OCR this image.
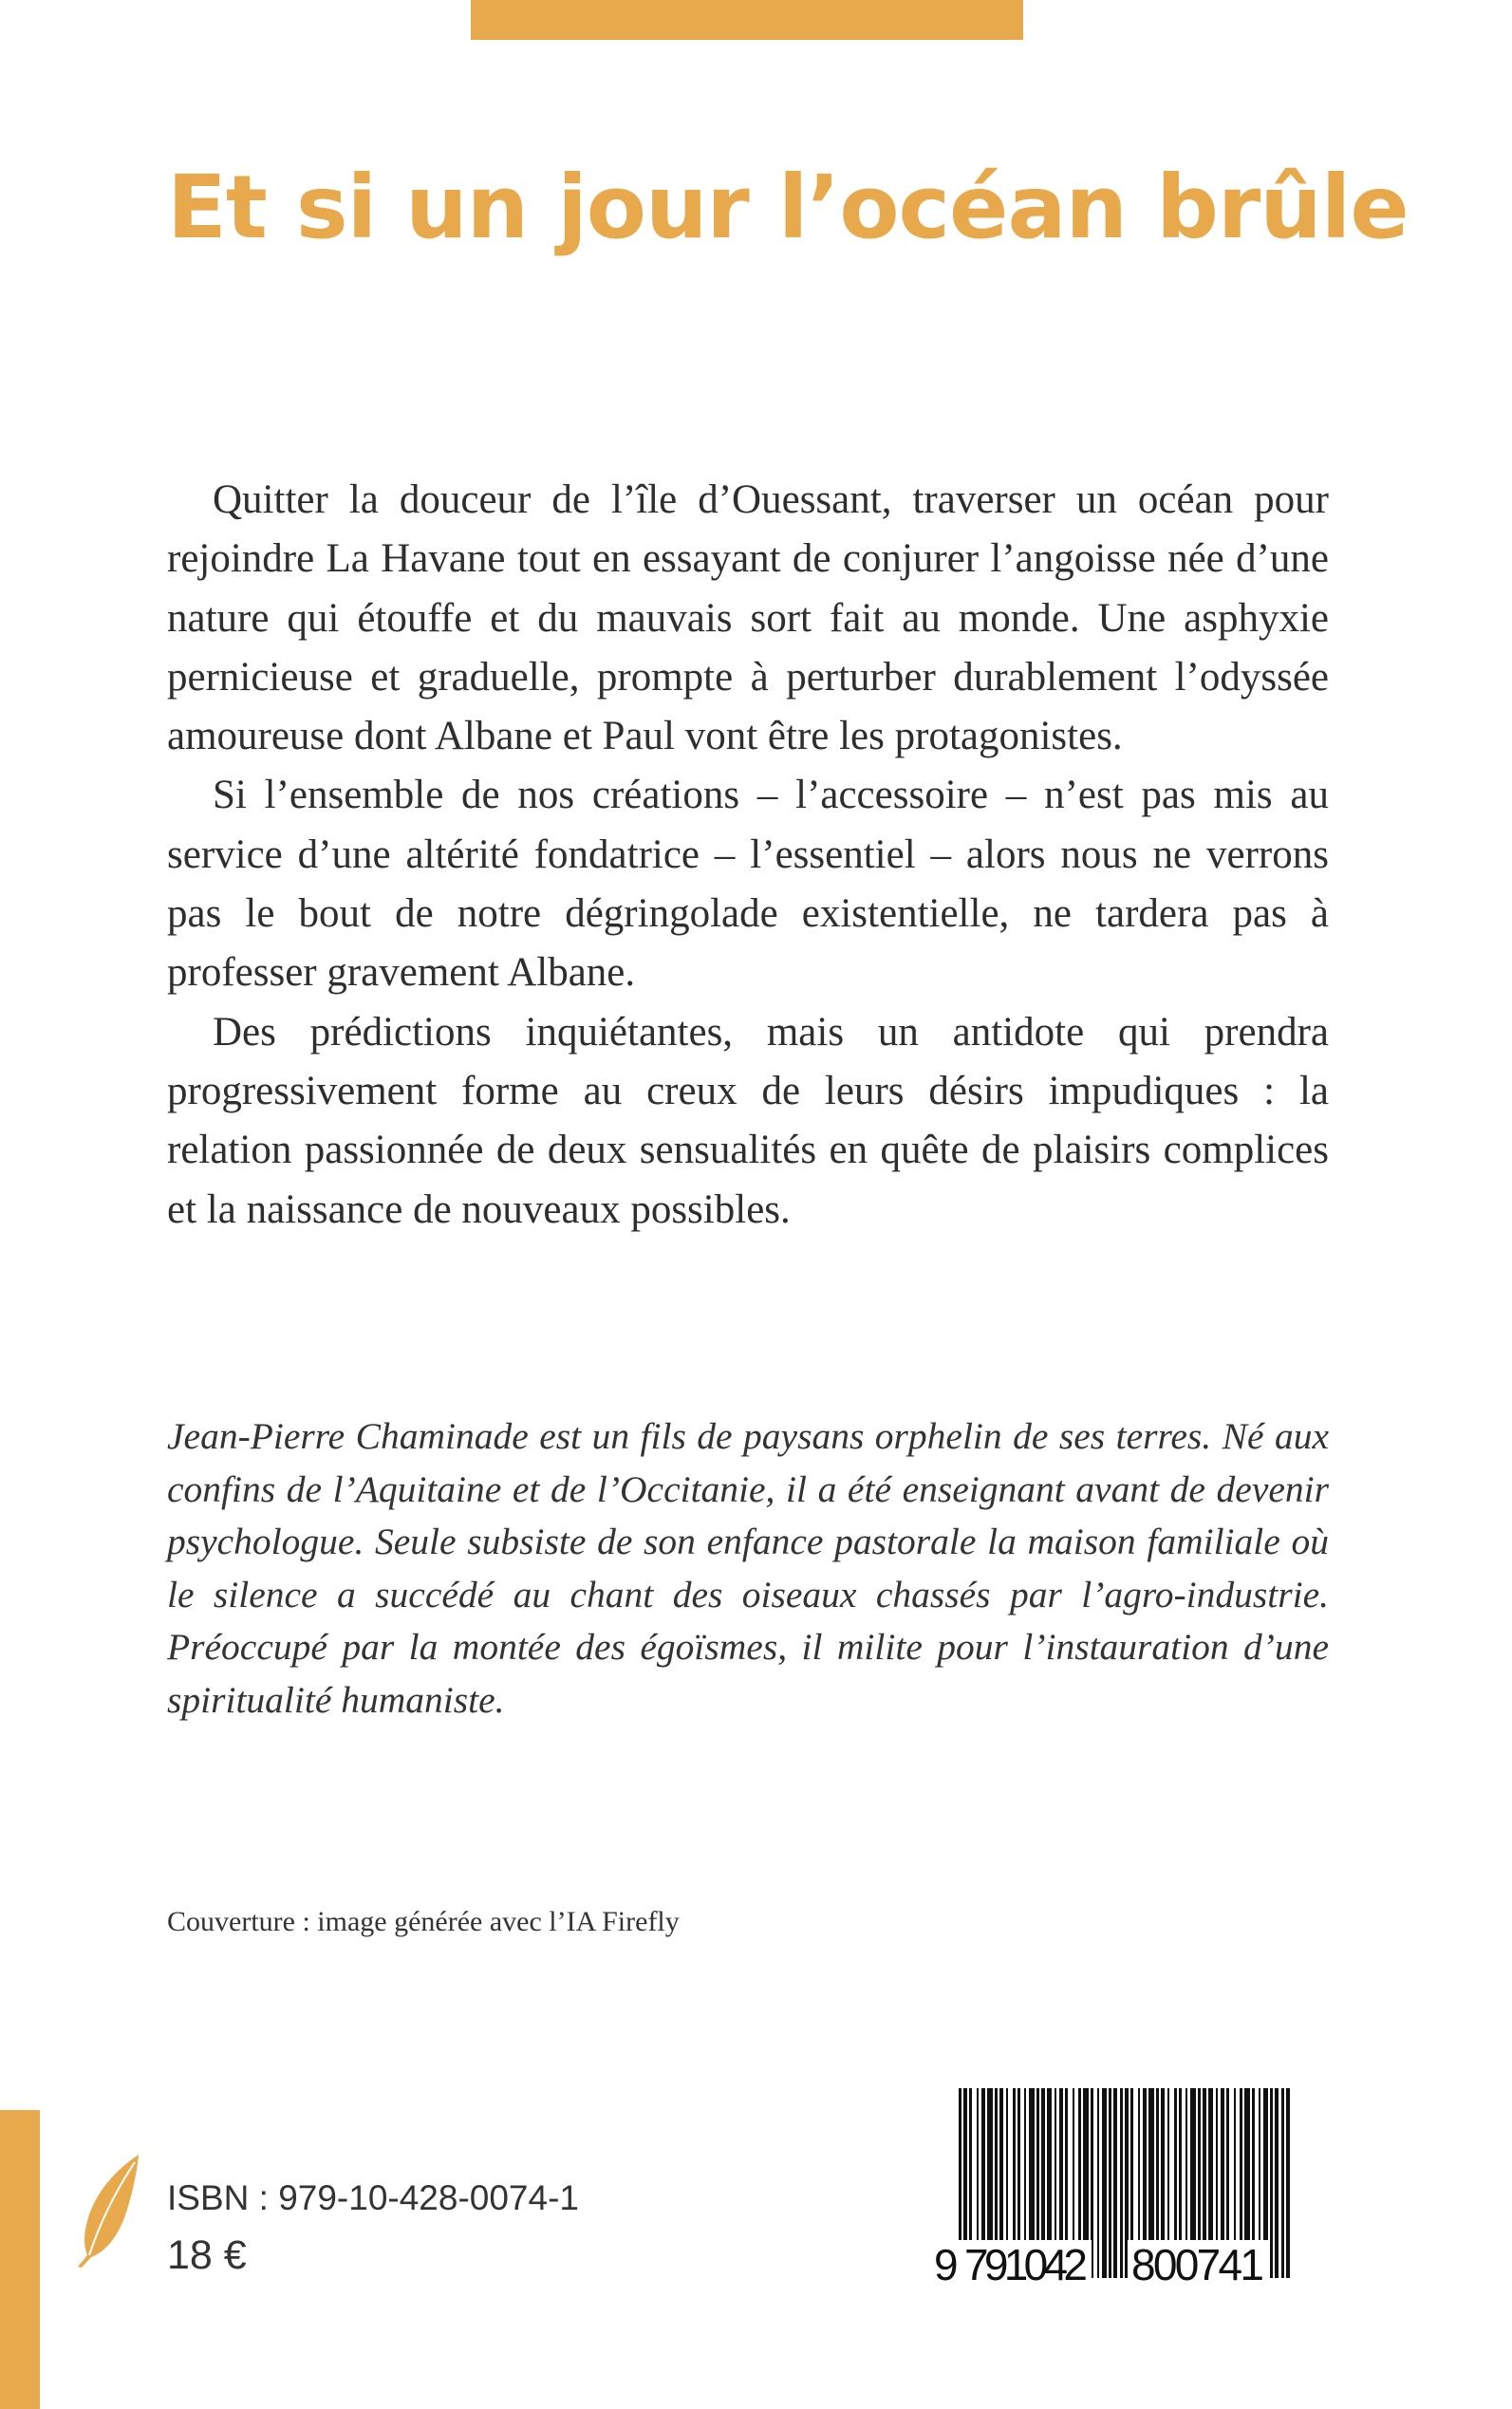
Et si un jour l’océan brûle

Quitter la douceur de l’île d’Ouessant, traverser un océan pour rejoindre La Havane tout en essayant de conjurer l’angoisse née d’une nature qui étouffe et du mauvais sort fait au monde. Une asphyxie pernicieuse et graduelle, prompte à perturber durablement l’odyssée amoureuse dont Albane et Paul vont être les protagonistes.

Si l’ensemble de nos créations – l’accessoire – n’est pas mis au service d’une altérité fondatrice – l’essentiel – alors nous ne verrons pas le bout de notre dégringolade existentielle, ne tardera pas à professer gravement Albane.

Des prédictions inquiétantes, mais un antidote qui prendra progressivement forme au creux de leurs désirs impudiques : la relation passionnée de deux sensualités en quête de plaisirs complices et la naissance de nouveaux possibles.

Jean-Pierre Chaminade est un fils de paysans orphelin de ses terres. Né aux confins de l’Aquitaine et de l’Occitanie, il a été enseignant avant de devenir psychologue. Seule subsiste de son enfance pastorale la maison familiale où le silence a succédé au chant des oiseaux chassés par l’agro-industrie. Préoccupé par la montée des égoïsmes, il milite pour l’instauration d’une spiritualité humaniste.

Couverture : image générée avec l’IA Firefly
ISBN : 979-10-428-0074-1
18 €	9 791042 800741
